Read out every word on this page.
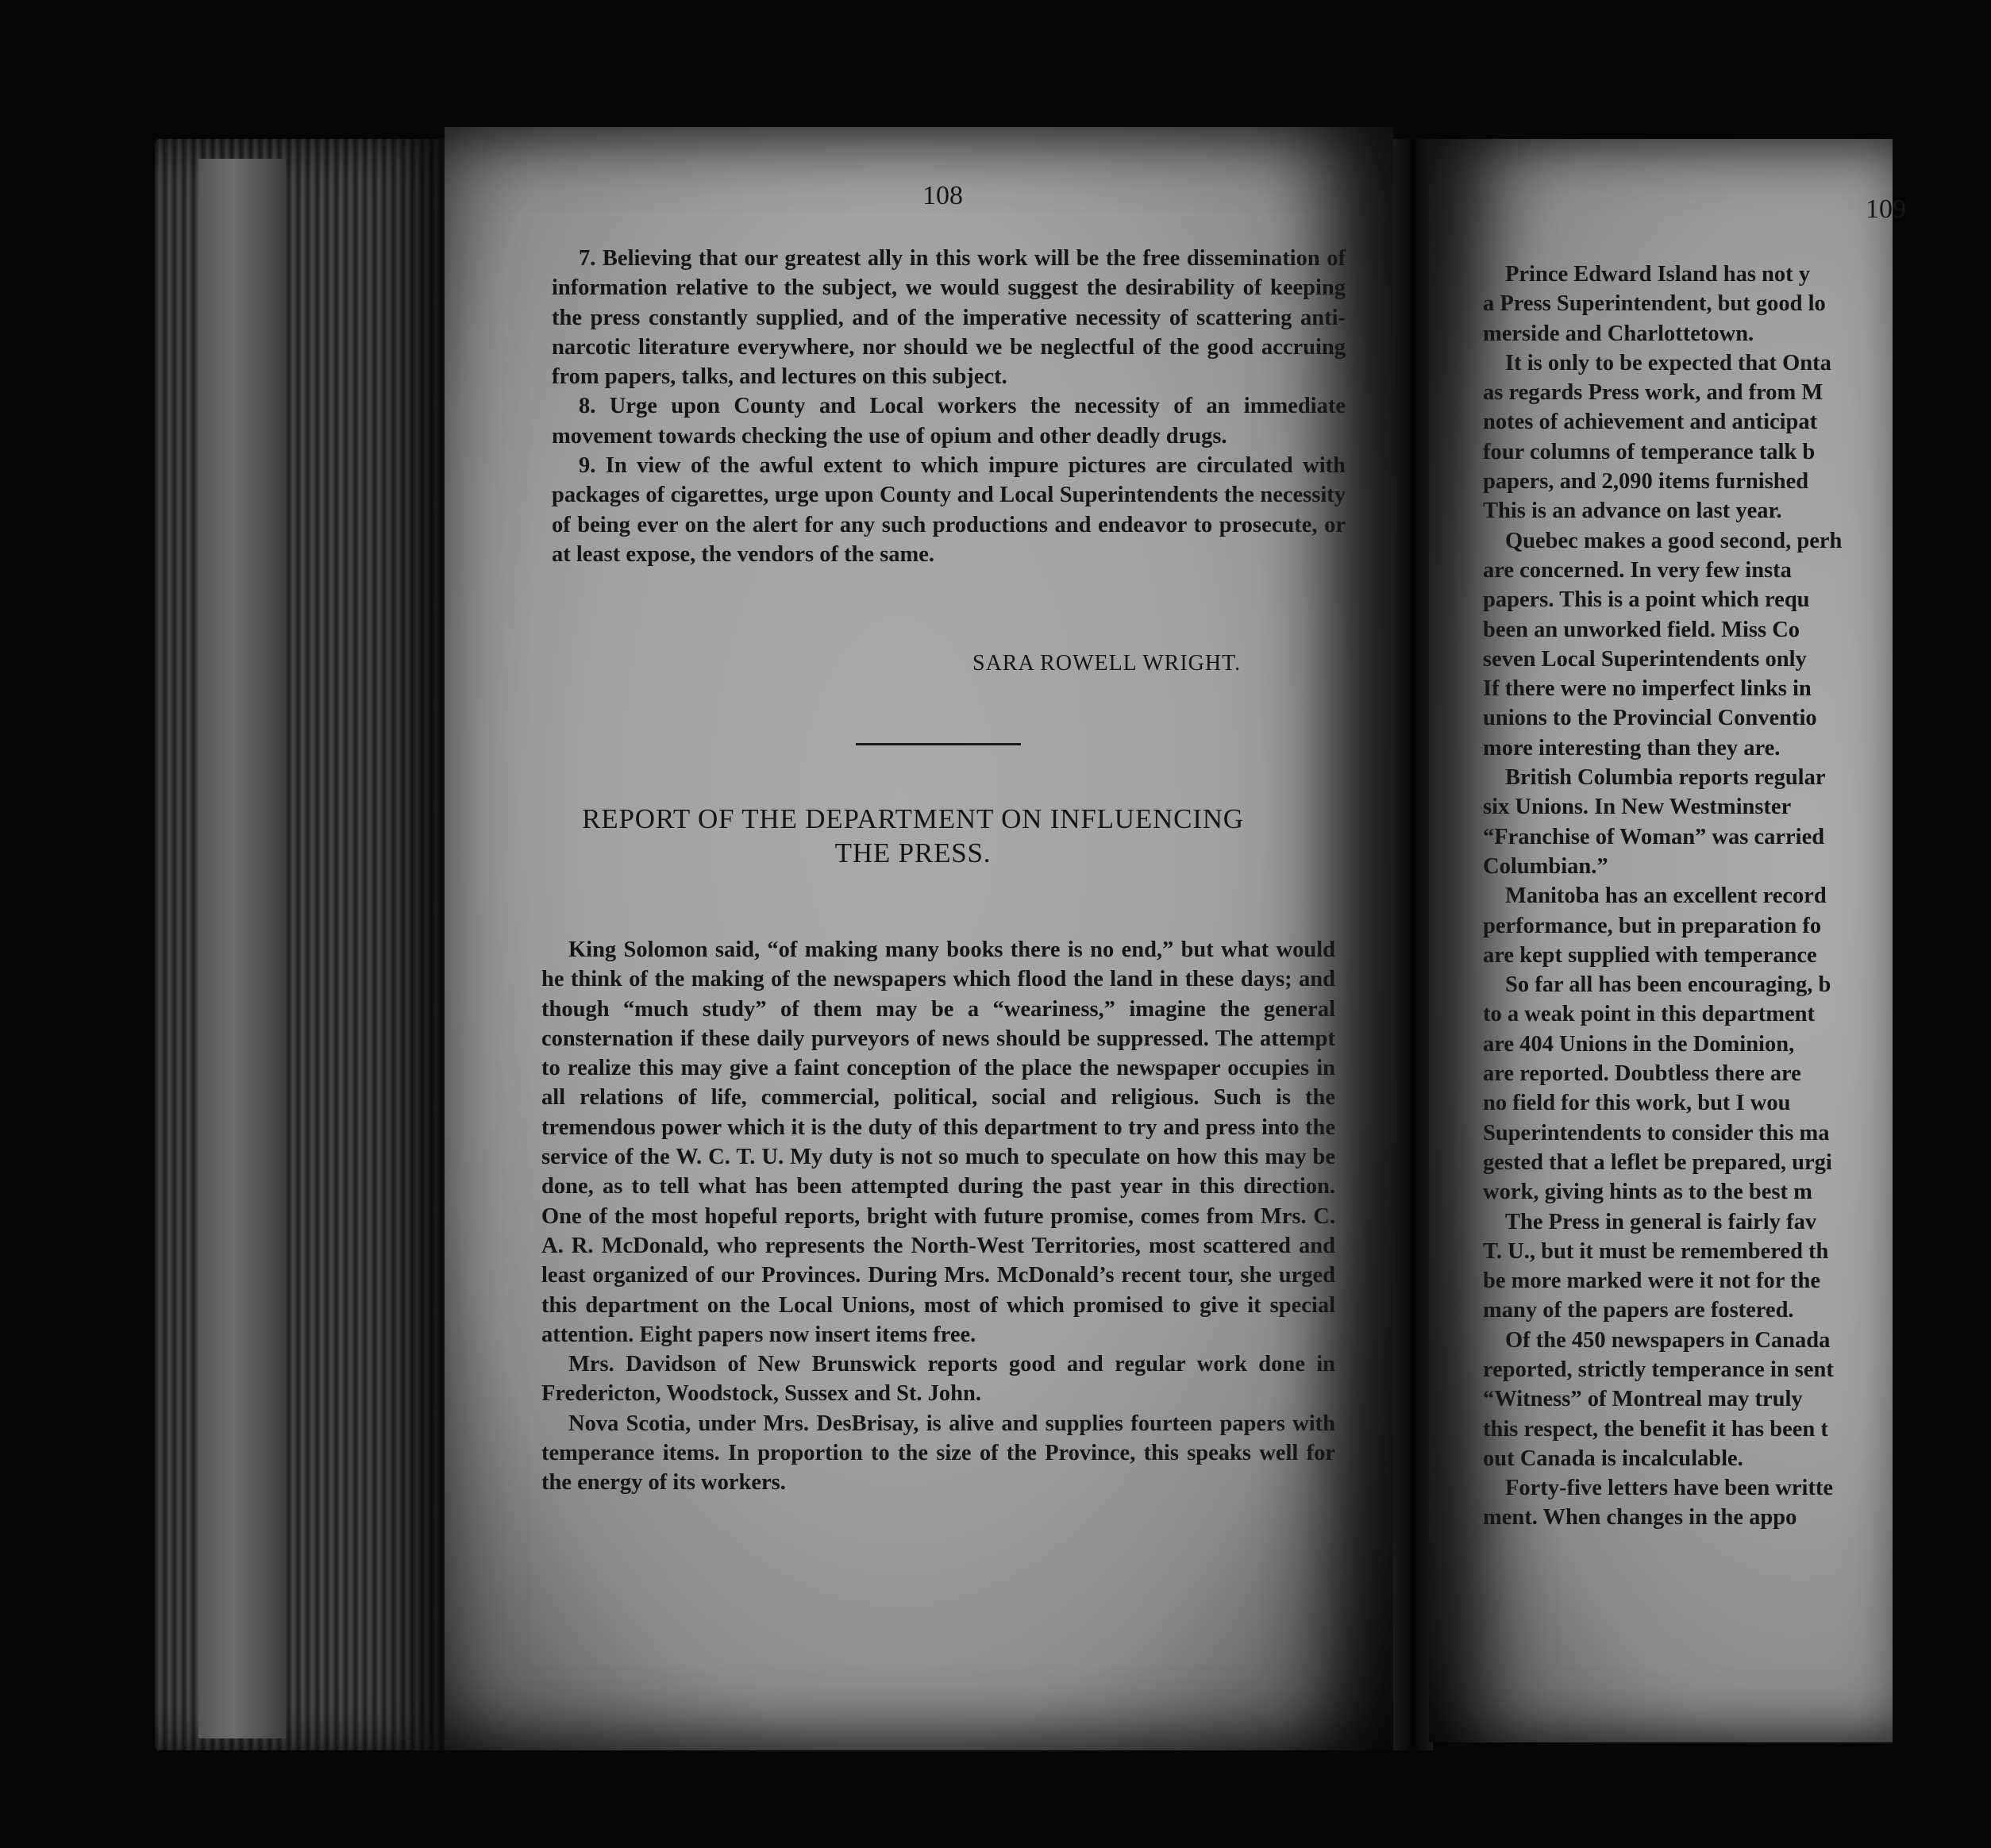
108

7. Believing that our greatest ally in this work will be the free dissemination of information relative to the subject, we would suggest the desirability of keeping the press constantly supplied, and of the imperative necessity of scattering anti-narcotic literature everywhere, nor should we be neglectful of the good accruing from papers, talks, and lectures on this subject.

8. Urge upon County and Local workers the necessity of an immediate movement towards checking the use of opium and other deadly drugs.

9. In view of the awful extent to which impure pictures are circulated with packages of cigarettes, urge upon County and Local Superintendents the necessity of being ever on the alert for any such productions and endeavor to prosecute, or at least expose, the vendors of the same.

SARA ROWELL WRIGHT.
REPORT OF THE DEPARTMENT ON INFLUENCING
THE PRESS.

King Solomon said, “of making many books there is no end,” but what would he think of the making of the newspapers which flood the land in these days; and though “much study” of them may be a “weariness,” imagine the general consternation if these daily purveyors of news should be suppressed. The attempt to realize this may give a faint conception of the place the newspaper occupies in all relations of life, commercial, political, social and religious. Such is the tremendous power which it is the duty of this department to try and press into the service of the W. C. T. U. My duty is not so much to speculate on how this may be done, as to tell what has been attempted during the past year in this direction. One of the most hopeful reports, bright with future promise, comes from Mrs. C. A. R. McDonald, who represents the North-West Territories, most scattered and least organized of our Provinces. During Mrs. McDonald’s recent tour, she urged this department on the Local Unions, most of which promised to give it special attention. Eight papers now insert items free.

Mrs. Davidson of New Brunswick reports good and regular work done in Fredericton, Woodstock, Sussex and St. John.

Nova Scotia, under Mrs. DesBrisay, is alive and supplies fourteen papers with temperance items. In proportion to the size of the Province, this speaks well for the energy of its workers.

109

Prince Edward Island has not y

a Press Superintendent, but good lo

merside and Charlottetown.

It is only to be expected that Onta

as regards Press work, and from M

notes of achievement and anticipat

four columns of temperance talk b

papers, and 2,090 items furnished

This is an advance on last year.

Quebec makes a good second, perh

are concerned. In very few insta

papers. This is a point which requ

been an unworked field. Miss Co

seven Local Superintendents only

If there were no imperfect links in

unions to the Provincial Conventio

more interesting than they are.

British Columbia reports regular

six Unions. In New Westminster

“Franchise of Woman” was carried

Columbian.”

Manitoba has an excellent record

performance, but in preparation fo

are kept supplied with temperance

So far all has been encouraging, b

to a weak point in this department

are 404 Unions in the Dominion,

are reported. Doubtless there are

no field for this work, but I wou

Superintendents to consider this ma

gested that a leflet be prepared, urgi

work, giving hints as to the best m

The Press in general is fairly fav

T. U., but it must be remembered th

be more marked were it not for the

many of the papers are fostered.

Of the 450 newspapers in Canada

reported, strictly temperance in sent

“Witness” of Montreal may truly

this respect, the benefit it has been t

out Canada is incalculable.

Forty-five letters have been writte

ment. When changes in the appo
